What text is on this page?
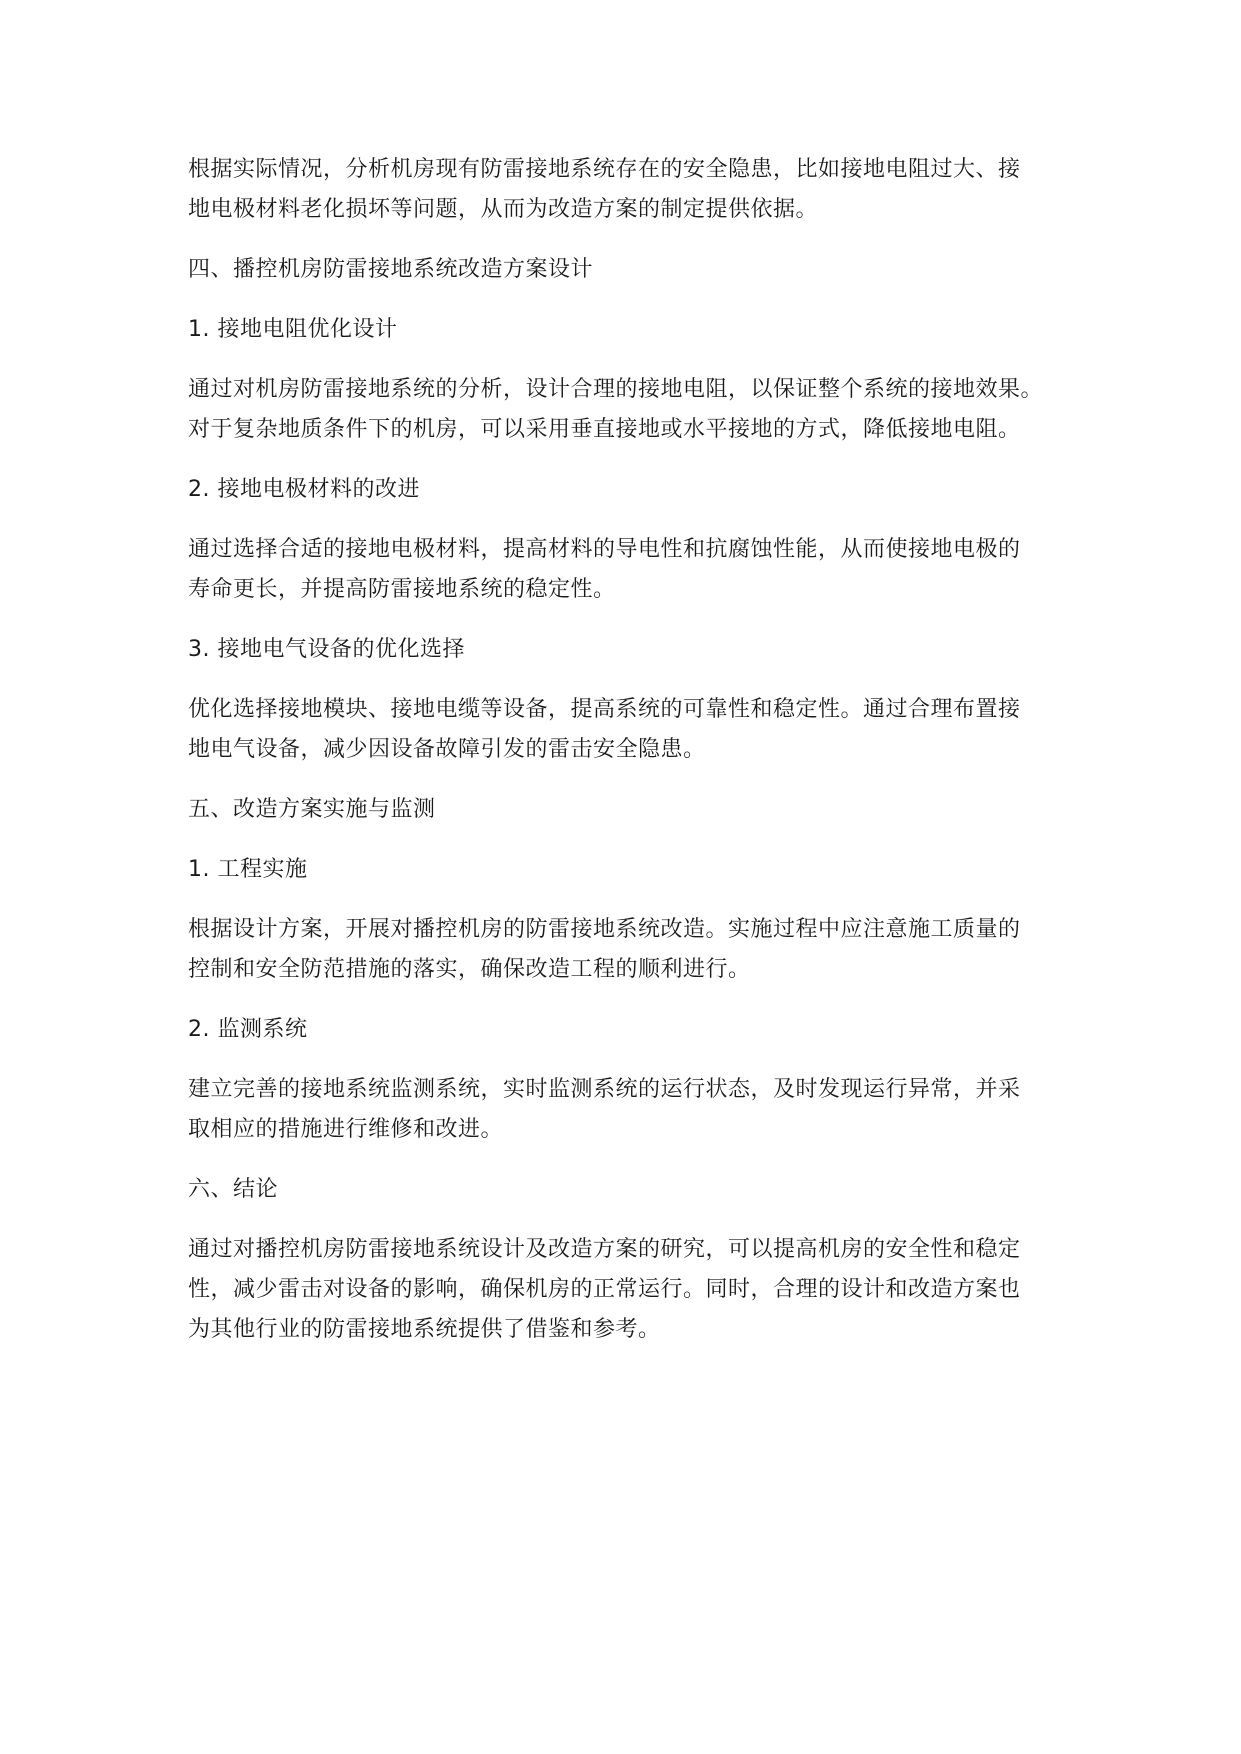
根据实际情况，分析机房现有防雷接地系统存在的安全隐患，比如接地电阻过大、接
地电极材料老化损坏等问题，从而为改造方案的制定提供依据。
四、播控机房防雷接地系统改造方案设计
1. 接地电阻优化设计
通过对机房防雷接地系统的分析，设计合理的接地电阻，以保证整个系统的接地效果。
对于复杂地质条件下的机房，可以采用垂直接地或水平接地的方式，降低接地电阻。
2. 接地电极材料的改进
通过选择合适的接地电极材料，提高材料的导电性和抗腐蚀性能，从而使接地电极的
寿命更长，并提高防雷接地系统的稳定性。
3. 接地电气设备的优化选择
优化选择接地模块、接地电缆等设备，提高系统的可靠性和稳定性。通过合理布置接
地电气设备，减少因设备故障引发的雷击安全隐患。
五、改造方案实施与监测
1. 工程实施
根据设计方案，开展对播控机房的防雷接地系统改造。实施过程中应注意施工质量的
控制和安全防范措施的落实，确保改造工程的顺利进行。
2. 监测系统
建立完善的接地系统监测系统，实时监测系统的运行状态，及时发现运行异常，并采
取相应的措施进行维修和改进。
六、结论
通过对播控机房防雷接地系统设计及改造方案的研究，可以提高机房的安全性和稳定
性，减少雷击对设备的影响，确保机房的正常运行。同时，合理的设计和改造方案也
为其他行业的防雷接地系统提供了借鉴和参考。
